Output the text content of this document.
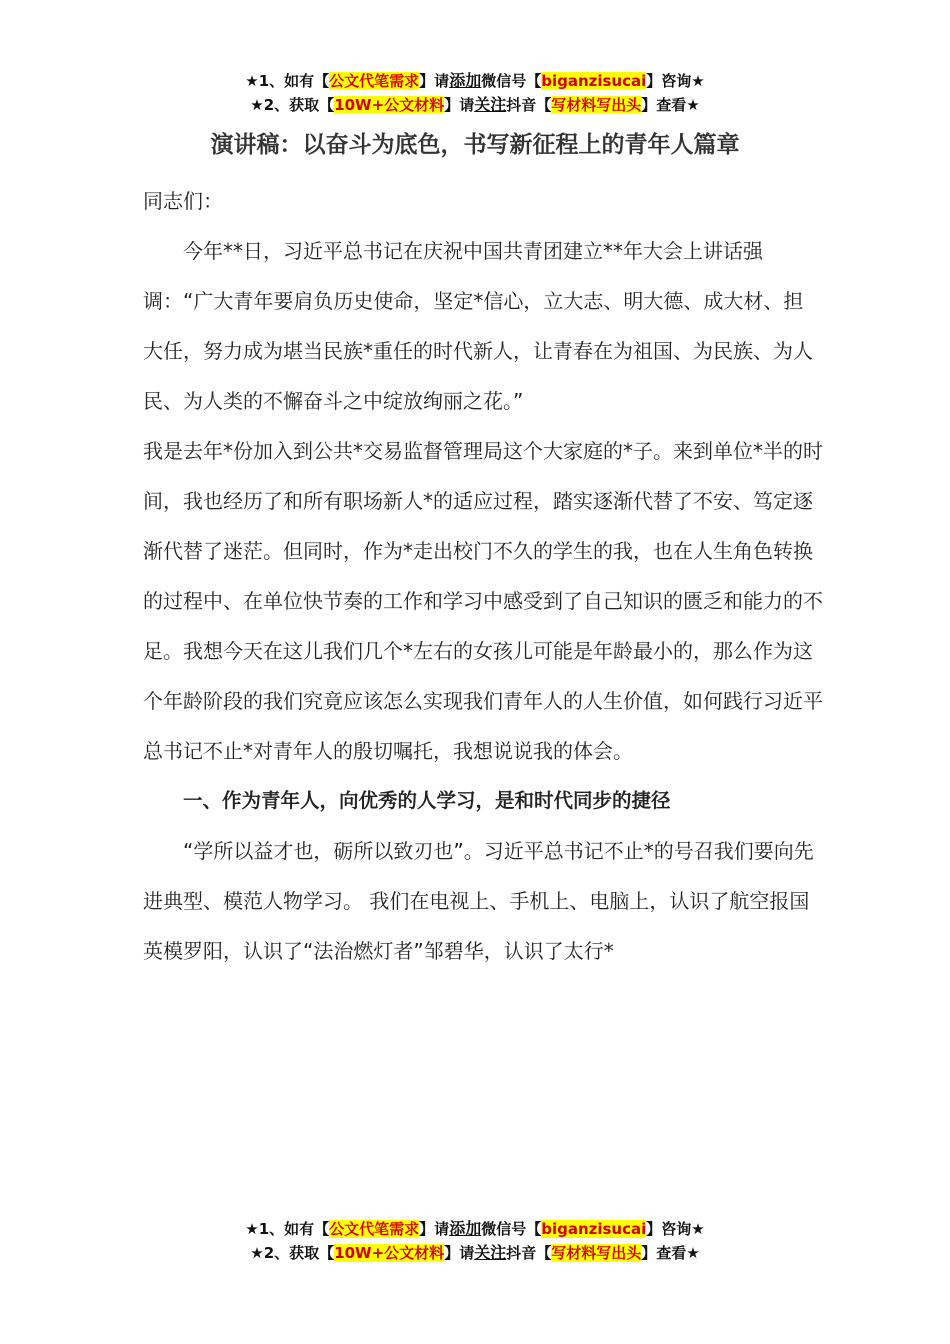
★1、如有【公文代笔需求】请添加微信号【biganzisucai】咨询★
★2、获取【10W+公文材料】请关注抖音【写材料写出头】查看★
演讲稿：以奋斗为底色，书写新征程上的青年人篇章

同志们：

今年**日，习近平总书记在庆祝中国共青团建立**年大会上讲话强调：“广大青年要肩负历史使命，坚定*信心，立大志、明大德、成大材、担大任，努力成为堪当民族*重任的时代新人，让青春在为祖国、为民族、为人民、为人类的不懈奋斗之中绽放绚丽之花。”

我是去年*份加入到公共*交易监督管理局这个大家庭的*子。来到单位*半的时间，我也经历了和所有职场新人*的适应过程，踏实逐渐代替了不安、笃定逐渐代替了迷茫。但同时，作为*走出校门不久的学生的我，也在人生角色转换的过程中、在单位快节奏的工作和学习中感受到了自己知识的匮乏和能力的不足。我想今天在这儿我们几个*左右的女孩儿可能是年龄最小的，那么作为这个年龄阶段的我们究竟应该怎么实现我们青年人的人生价值，如何践行习近平总书记不止*对青年人的殷切嘱托，我想说说我的体会。

一、作为青年人，向优秀的人学习，是和时代同步的捷径

“学所以益才也，砺所以致刃也”。习近平总书记不止*的号召我们要向先进典型、模范人物学习。 我们在电视上、手机上、电脑上，认识了航空报国英模罗阳，认识了“法治燃灯者”邹碧华，认识了太行*

★1、如有【公文代笔需求】请添加微信号【biganzisucai】咨询★
★2、获取【10W+公文材料】请关注抖音【写材料写出头】查看★
